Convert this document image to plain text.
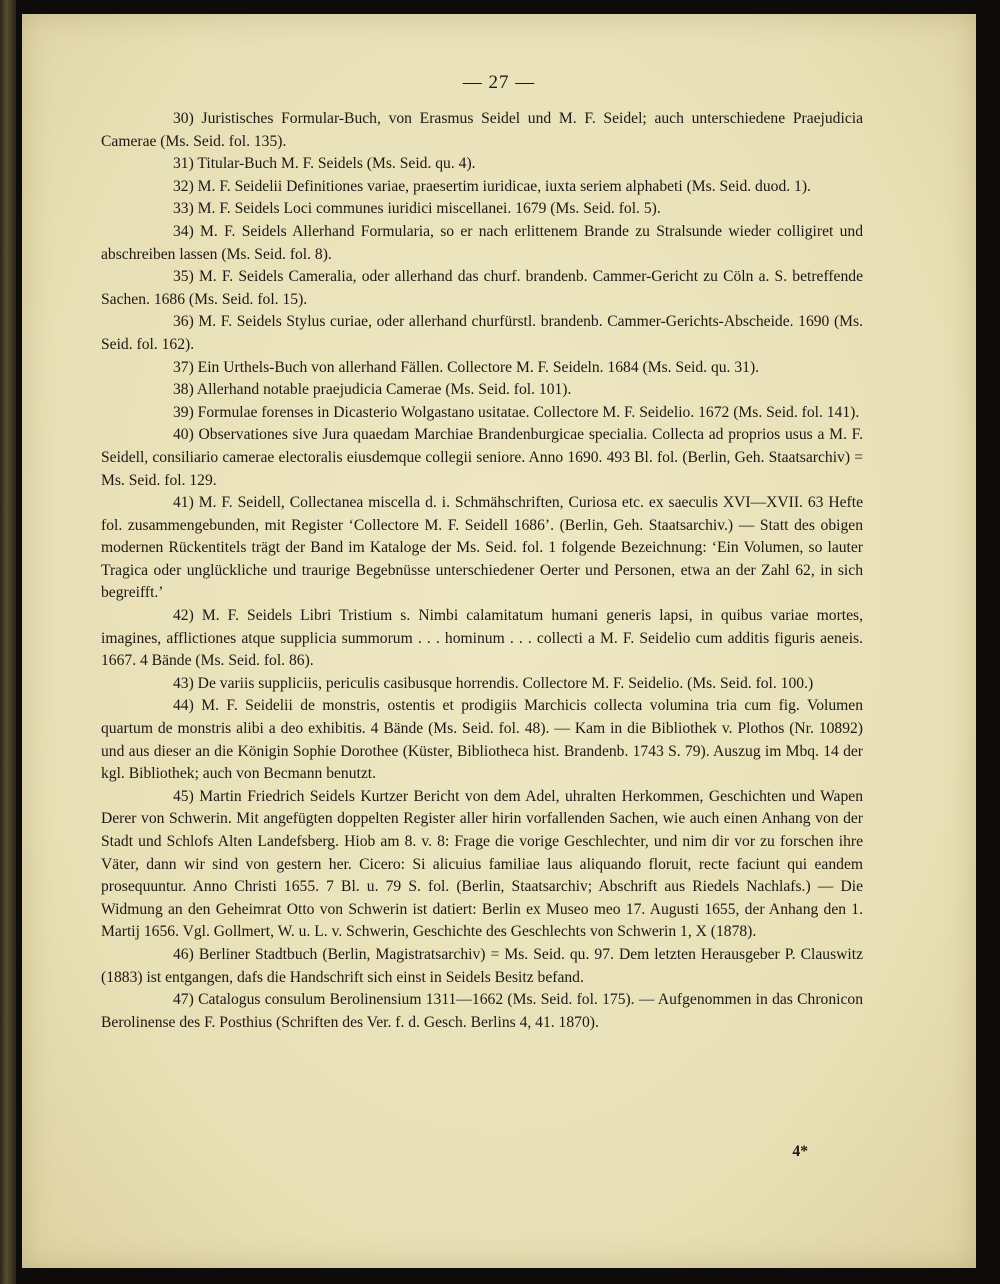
— 27 —

30) Juristisches Formular-Buch, von Erasmus Seidel und M. F. Seidel; auch unterschiedene Praejudicia Camerae (Ms. Seid. fol. 135).

31) Titular-Buch M. F. Seidels (Ms. Seid. qu. 4).

32) M. F. Seidelii Definitiones variae, praesertim iuridicae, iuxta seriem alphabeti (Ms. Seid. duod. 1).

33) M. F. Seidels Loci communes iuridici miscellanei. 1679 (Ms. Seid. fol. 5).

34) M. F. Seidels Allerhand Formularia, so er nach erlittenem Brande zu Stralsunde wieder colligiret und abschreiben lassen (Ms. Seid. fol. 8).

35) M. F. Seidels Cameralia, oder allerhand das churf. brandenb. Cammer-Gericht zu Cöln a. S. betreffende Sachen. 1686 (Ms. Seid. fol. 15).

36) M. F. Seidels Stylus curiae, oder allerhand churfürstl. brandenb. Cammer-Gerichts-Abscheide. 1690 (Ms. Seid. fol. 162).

37) Ein Urthels-Buch von allerhand Fällen. Collectore M. F. Seideln. 1684 (Ms. Seid. qu. 31).

38) Allerhand notable praejudicia Camerae (Ms. Seid. fol. 101).

39) Formulae forenses in Dicasterio Wolgastano usitatae. Collectore M. F. Seidelio. 1672 (Ms. Seid. fol. 141).

40) Observationes sive Jura quaedam Marchiae Brandenburgicae specialia. Collecta ad proprios usus a M. F. Seidell, consiliario camerae electoralis eiusdemque collegii seniore. Anno 1690. 493 Bl. fol. (Berlin, Geh. Staatsarchiv) = Ms. Seid. fol. 129.

41) M. F. Seidell, Collectanea miscella d. i. Schmähschriften, Curiosa etc. ex saeculis XVI—XVII. 63 Hefte fol. zusammengebunden, mit Register ‘Collectore M. F. Seidell 1686’. (Berlin, Geh. Staatsarchiv.) — Statt des obigen modernen Rückentitels trägt der Band im Kataloge der Ms. Seid. fol. 1 folgende Bezeichnung: ‘Ein Volumen, so lauter Tragica oder unglückliche und traurige Begebnüsse unterschiedener Oerter und Personen, etwa an der Zahl 62, in sich begreifft.’

42) M. F. Seidels Libri Tristium s. Nimbi calamitatum humani generis lapsi, in quibus variae mortes, imagines, afflictiones atque supplicia summorum . . . hominum . . . collecti a M. F. Seidelio cum additis figuris aeneis. 1667. 4 Bände (Ms. Seid. fol. 86).

43) De variis suppliciis, periculis casibusque horrendis. Collectore M. F. Seidelio. (Ms. Seid. fol. 100.)

44) M. F. Seidelii de monstris, ostentis et prodigiis Marchicis collecta volumina tria cum fig. Volumen quartum de monstris alibi a deo exhibitis. 4 Bände (Ms. Seid. fol. 48). — Kam in die Bibliothek v. Plothos (Nr. 10892) und aus dieser an die Königin Sophie Dorothee (Küster, Bibliotheca hist. Brandenb. 1743 S. 79). Auszug im Mbq. 14 der kgl. Bibliothek; auch von Becmann benutzt.

45) Martin Friedrich Seidels Kurtzer Bericht von dem Adel, uhralten Herkommen, Geschichten und Wapen Derer von Schwerin. Mit angefügten doppelten Register aller hirin vorfallenden Sachen, wie auch einen Anhang von der Stadt und Schlofs Alten Landefsberg. Hiob am 8. v. 8: Frage die vorige Geschlechter, und nim dir vor zu forschen ihre Väter, dann wir sind von gestern her. Cicero: Si alicuius familiae laus aliquando floruit, recte faciunt qui eandem prosequuntur. Anno Christi 1655. 7 Bl. u. 79 S. fol. (Berlin, Staatsarchiv; Abschrift aus Riedels Nachlafs.) — Die Widmung an den Geheimrat Otto von Schwerin ist datiert: Berlin ex Museo meo 17. Augusti 1655, der Anhang den 1. Martij 1656. Vgl. Gollmert, W. u. L. v. Schwerin, Geschichte des Geschlechts von Schwerin 1, X (1878).

46) Berliner Stadtbuch (Berlin, Magistratsarchiv) = Ms. Seid. qu. 97. Dem letzten Herausgeber P. Clauswitz (1883) ist entgangen, dafs die Handschrift sich einst in Seidels Besitz befand.

47) Catalogus consulum Berolinensium 1311—1662 (Ms. Seid. fol. 175). — Aufgenommen in das Chronicon Berolinense des F. Posthius (Schriften des Ver. f. d. Gesch. Berlins 4, 41. 1870).

4*
